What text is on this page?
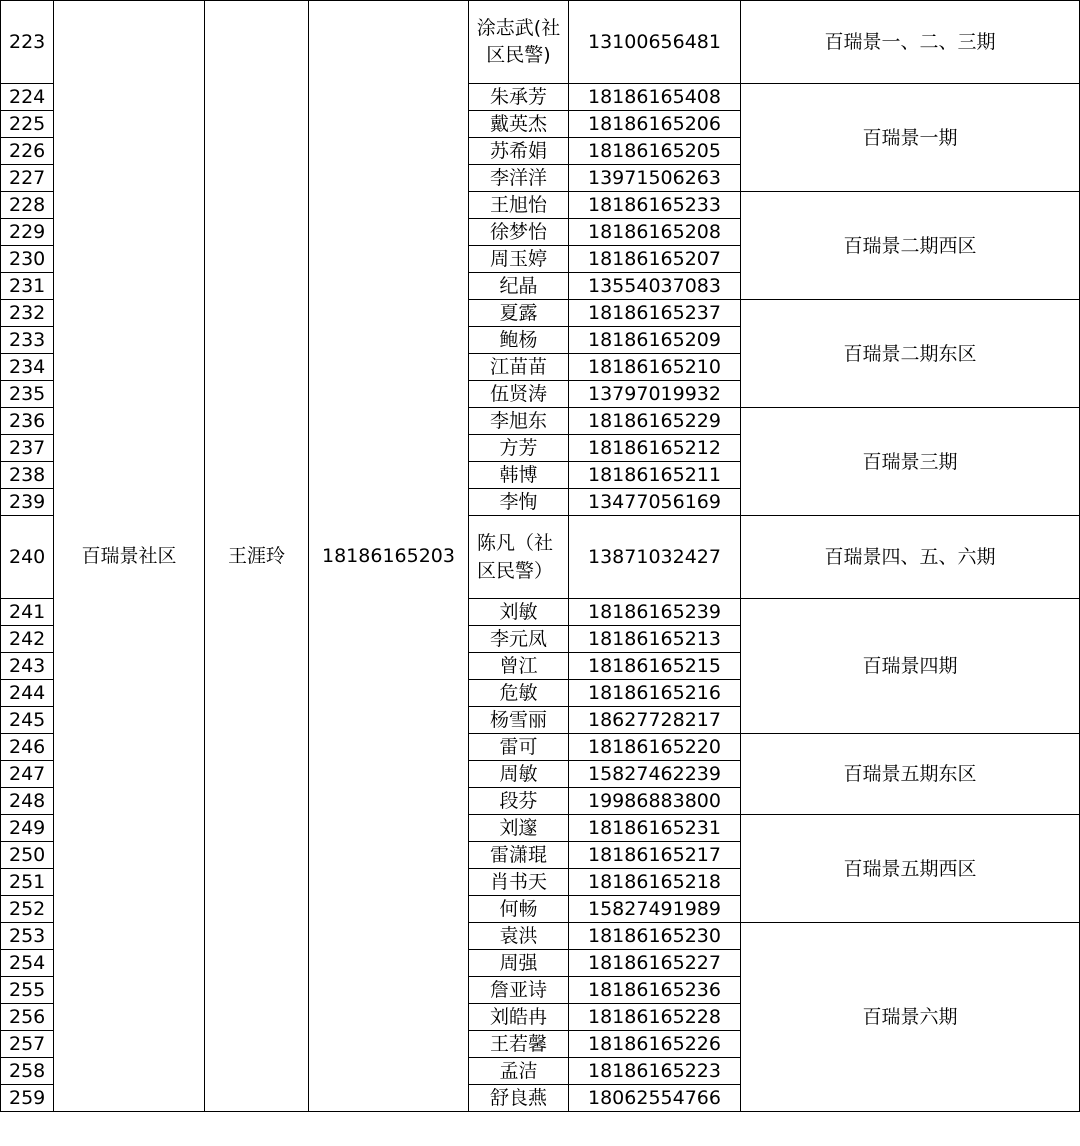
223	百瑞景社区	王涯玲	18186165203	涂志武(社区民警)	13100656481	百瑞景一、二、三期
224				朱承芳	18186165408	百瑞景一期
225				戴英杰	18186165206	
226				苏希娟	18186165205	
227				李洋洋	13971506263	
228				王旭怡	18186165233	百瑞景二期西区
229				徐梦怡	18186165208	
230				周玉婷	18186165207	
231				纪晶	13554037083	
232				夏露	18186165237	百瑞景二期东区
233				鲍杨	18186165209	
234				江苗苗	18186165210	
235				伍贤涛	13797019932	
236				李旭东	18186165229	百瑞景三期
237				方芳	18186165212	
238				韩博	18186165211	
239				李恂	13477056169	
240				陈凡（社区民警）	13871032427	百瑞景四、五、六期
241				刘敏	18186165239	百瑞景四期
242				李元凤	18186165213	
243				曾江	18186165215	
244				危敏	18186165216	
245				杨雪丽	18627728217	
246				雷可	18186165220	百瑞景五期东区
247				周敏	15827462239	
248				段芬	19986883800	
249				刘邃	18186165231	百瑞景五期西区
250				雷潇琨	18186165217	
251				肖书天	18186165218	
252				何畅	15827491989	
253				袁洪	18186165230	百瑞景六期
254				周强	18186165227	
255				詹亚诗	18186165236	
256				刘皓冉	18186165228	
257				王若馨	18186165226	
258				孟洁	18186165223	
259				舒良燕	18062554766	
